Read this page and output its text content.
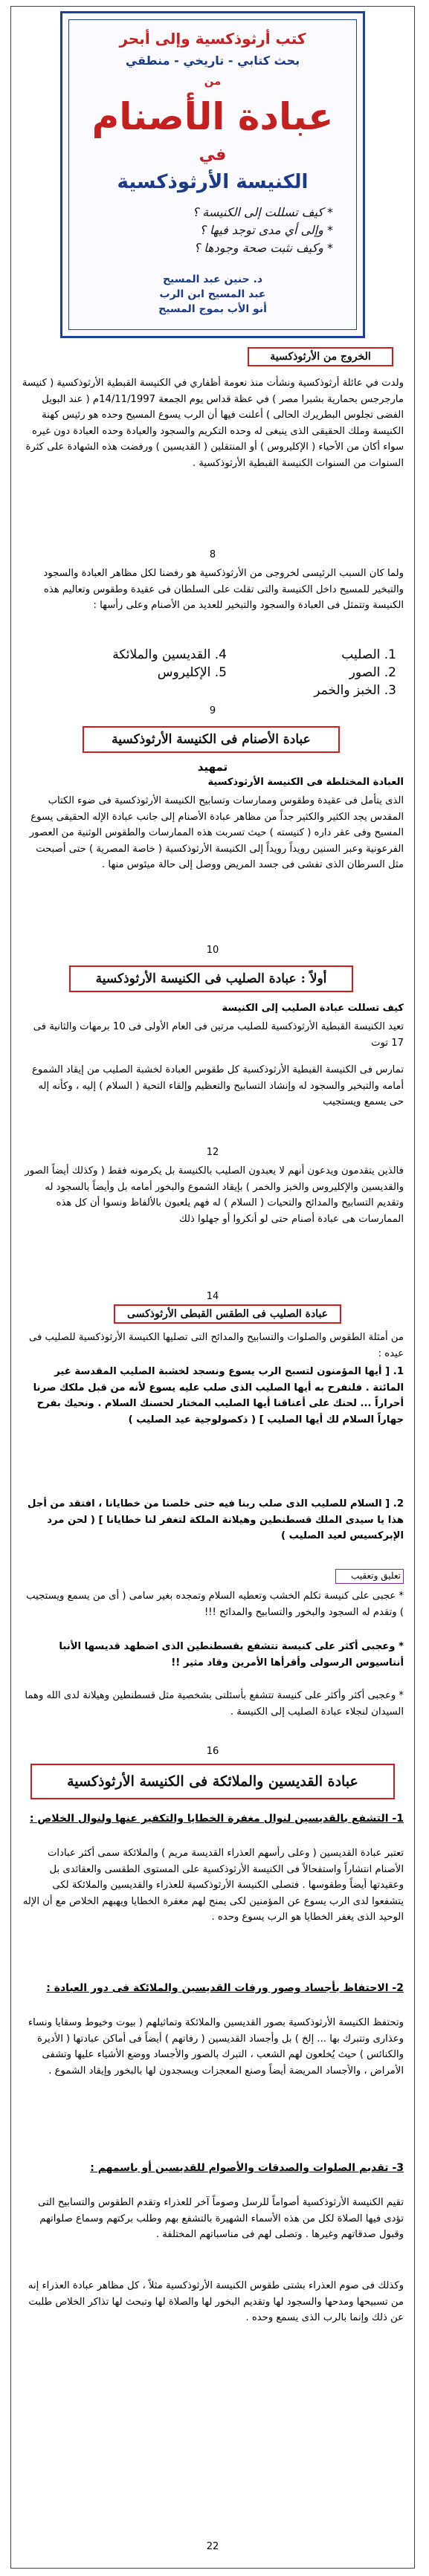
كتب أرثوذكسية وإلى أبحر
بحث كتابي - تاريخي - منطقي
من
عبادة الأصنام
في
الكنيسة الأرثوذكسية
* كيف تسللت إلى الكنيسة ؟
* وإلى أي مدى توجد فيها ؟
* وكيف نثبت صحة وجودها ؟
د. حنين عبد المسيح
عبد المسيح ابن الرب
أنو الأب بموج المسيح
الخروج من الأرثوذكسية
ولدت في عائلة أرثوذكسية ونشأت منذ نعومة أظفاري في الكنيسة القبطية الأرثوذكسية ( كنيسة مارجرجس بحمارية بشبرا مصر ) في عظة قداس يوم الجمعة 14/11/1997م ( عند البويل الفضى تجلوس البطريرك الحالى ) أعلنت فيها أن الرب يسوع المسيح وحده هو رئيس كهنة الكنيسة وملك الحقيقى الذى ينبغى له وحده التكريم والسجود والعبادة وحده العبادة دون غيره سواء أكان من الأحياء ( الإكليروس ) أو المنتقلين ( القديسين ) ورفضت هذه الشهادة على كثرة السنوات من السنوات الكنيسة القبطية الأرثوذكسية .
8
ولما كان السبب الرئيسى لخروجى من الأرثوذكسية هو رفضنا لكل مظاهر العبادة والسجود والتبخير للمسيح داخل الكنيسة والتى تقلت على السلطان فى عقيدة وطقوس وتعاليم هذه الكنيسة وتتمثل فى العبادة والسجود والتبخير للعديد من الأصنام وعلى رأسها :
1. الصليب
2. الصور
3. الخبز والخمر
4. القديسين والملائكة
5. الإكليروس
9
عبادة الأصنام فى الكنيسة الأرثوذكسية
تمهيد
العبادة المختلطة فى الكنيسة الأرثوذكسية
الذى يتأمل فى عقيدة وطقوس وممارسات وتسابيح الكنيسة الأرثوذكسية فى ضوء الكتاب المقدس يجد الكثير والكثير جداً من مظاهر عبادة الأصنام إلى جانب عبادة الإله الحقيقى يسوع المسيح وفى عقر داره ( كنيسته ) حيث تسربت هذه الممارسات والطقوس الوثنية من العصور الفرعونية وعبر السنين رويداً رويداً إلى الكنيسة الأرثوذكسية ( خاصة المصرية ) حتى أصبحت مثل السرطان الذى تفشى فى جسد المريض ووصل إلى حالة ميئوس منها .
10
أولاً : عبادة الصليب فى الكنيسة الأرثوذكسية
كيف تسللت عبادة الصليب إلى الكنيسة
تعيد الكنيسة القبطية الأرثوذكسية للصليب مرتين فى العام الأولى فى 10 برمهات والثانية فى 17 توت
تمارس فى الكنيسة القبطية الأرثوذكسية كل طقوس العبادة لخشبة الصليب من إيقاد الشموع أمامه والتبخير والسجود له وإنشاد التسابيح والتعظيم وإلقاء التحية ( السلام ) إليه ، وكأنه إله حى يسمع ويستجيب
12
فالذين يتقدمون ويدعون أنهم لا يعبدون الصليب بالكنيسة بل يكرمونه فقط ( وكذلك أيضاً الصور والقديسين والإكليروس والخبز والخمر ) بإيقاد الشموع والبخور أمامه بل وأيضاً بالسجود له وتقديم التسابيح والمدائح والتحيات ( السلام ) له فهم يلعبون بالألفاظ ونسوا أن كل هذه الممارسات هى عبادة أصنام حتى لو أنكروا أو جهلوا ذلك
14
عبادة الصليب فى الطقس القبطى الأرثوذكسى
من أمثلة الطقوس والصلوات والتسابيح والمدائح التى تصليها الكنيسة الأرثوذكسية للصليب فى عيده :
1. [ أيها المؤمنون لتسبح الرب يسوع ونسجد لخشبة الصليب المقدسة غير المائتة . فلنفرح به أيها الصليب الذى صلب عليه يسوع لأنه من قبل ملكك صرنا أحراراً ... لحنك على أعناقنا أيها الصليب المختار لحسنك السلام . ونحيك بفرح جهاراً السلام لك أيها الصليب ] ( ذكصولوجية عيد الصليب )
2. [ السلام للصليب الذى صلب ربنا فيه حتى خلصنا من خطايانا ، افتقد من أجل هذا يا سيدى الملك قسطنطين وهيلانة الملكة لتغفر لنا خطايانا ] ( لحن مرد الإبركسيس لعيد الصليب )
تعليق وتعقيب
* عجبى على كنيسة تكلم الخشب وتعطيه السلام وتمجده بغير سامى ( أى من يسمع ويستجيب ) وتقدم له السجود والبخور والتسابيح والمدائح !!!
* وعجبى أكثر على كنيسة تتشفع بقسطنطين الذى اضطهد قديسها الأنبا أنتاسيوس الرسولى وأقرأها الأمرين وقاد مثير !!
* وعجبى أكثر وأكثر على كنيسة تتشفع بأسئلتى بشخصية مثل قسطنطين وهيلانة لدى الله وهما السيدان لنجلاء عبادة الصليب إلى الكنيسة .
16
عبادة القديسين والملائكة فى الكنيسة الأرثوذكسية
1- التشفع بالقديسين لنوال مغفرة الخطايا والتكفير عنها ولنوال الخلاص :
تعتبر عبادة القديسين ( وعلى رأسهم العذراء القديسة مريم ) والملائكة سمى أكثر عبادات الأصنام انتشاراً واستفحالاً فى الكنيسة الأرثوذكسية على المستوى الطقسى والعقائدى بل وعقيدتها أيضاً وطقوسها . فتصلى الكنيسة الأرثوذكسية للعذراء والقديسين والملائكة لكى يتشفعوا لدى الرب يسوع عن المؤمنين لكى يمنح لهم مغفرة الخطايا ويهبهم الخلاص مع أن الإله الوحيد الذى يغفر الخطايا هو الرب يسوع وحده .
2- الاحتفاظ بأجساد وصور ورفات القديسين والملائكة فى دور العبادة :
وتحتفظ الكنيسة الأرثوذكسية بصور القديسين والملائكة وتماثيلهم ( بيوت وخيوط وسقايا ونساء وعذارى وتتبرك بها ... إلخ ) بل وأجساد القديسين ( رفاتهم ) أيضاً فى أماكن عبادتها ( الأديرة والكنائس ) حيث يُخلعون لهم الشعب ، التبرك بالصور والأجساد ووضع الأشياء عليها وتشفى الأمراض ، والأجساد المريضة أيضاً وصنع المعجزات ويسجدون لها بالبخور وإيقاد الشموع .
3- تقديم الصلوات والصدقات والأصوام للقديسين أو باسمهم :
تقيم الكنيسة الأرثوذكسية أصواماً للرسل وصوماً آخر للعذراء وتقدم الطقوس والتسابيح التى تؤدى فيها الصلاة لكل من هذه الأسماء الشهيرة بالتشفع بهم وطلب بركتهم وسماع صلواتهم وقبول صدقاتهم وغيرها . وتصلى لهم فى مناسباتهم المختلفة .
وكذلك فى صوم العذراء بشتى طقوس الكنيسة الأرثوذكسية مثلاً ، كل مظاهر عبادة العذراء إنه من تسبيحها ومدحها والسجود لها وتقديم البخور لها والصلاة لها وتبحث لها تذاكر الخلاص طلبت عن ذلك وإنما بالرب الذى يسمع وحده .
22
